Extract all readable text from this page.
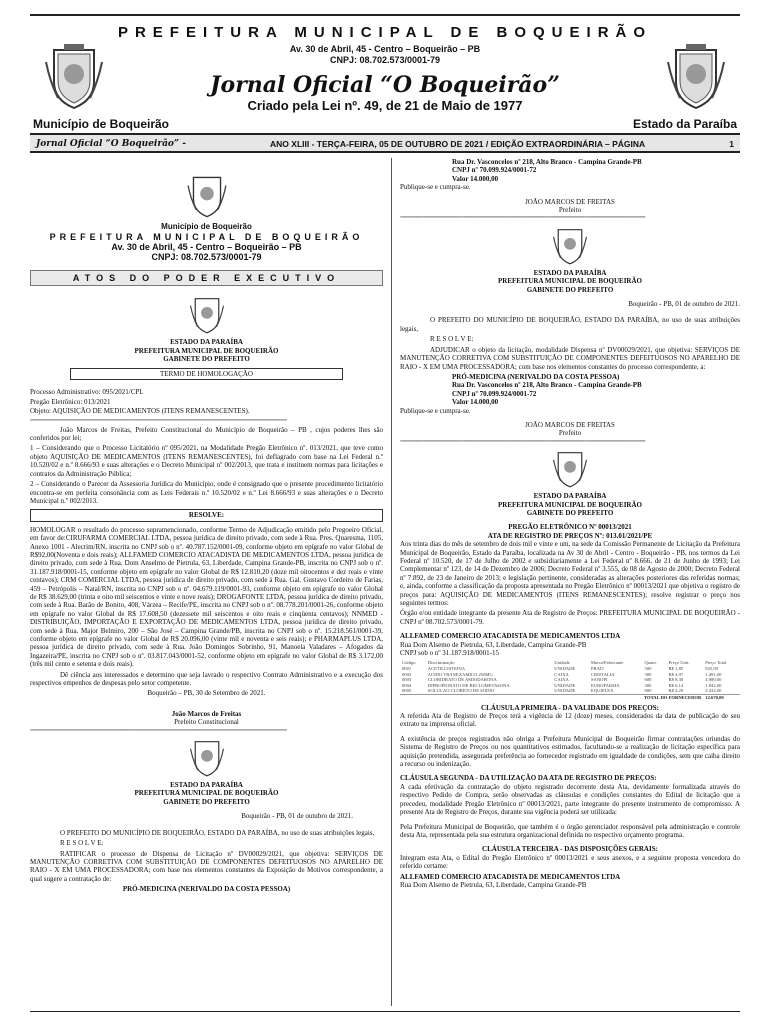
PREFEITURA MUNICIPAL DE BOQUEIRÃO
Av. 30 de Abril, 45 - Centro – Boqueirão – PB
CNPJ: 08.702.573/0001-79
Jornal Oficial “O Boqueirão”
Criado pela Lei nº. 49, de 21 de Maio de 1977
Município de Boqueirão	Estado da Paraíba
Jornal Oficial “O Boqueirão” -	ANO XLIII - TERÇA-FEIRA, 05 DE OUTUBRO DE 2021 / EDIÇÃO EXTRAORDINÁRIA – PÁGINA	1
Município de Boqueirão
PREFEITURA MUNICIPAL DE BOQUEIRÃO
Av. 30 de Abril, 45 - Centro – Boqueirão – PB
CNPJ: 08.702.573/0001-79
ATOS DO PODER EXECUTIVO
ESTADO DA PARAÍBA
PREFEITURA MUNICIPAL DE BOQUEIRÃO
GABINETE DO PREFEITO
TERMO DE HOMOLOGAÇÃO

Processo Administrativo: 095/2021/CPL

Pregão Eletrônico: 013/2021

Objeto: AQUISIÇÃO DE MEDICAMENTOS (ITENS REMANESCENTES).

=========================================================================================

João Marcos de Freitas, Prefeito Constitucional do Município de Boqueirão – PB , cujos poderes lhes são conferidos por lei;

1 – Considerando que o Processo Licitatório nº 095/2021, na Modalidade Pregão Eletrônico nº. 013/2021, que teve como objeto AQUISIÇÃO DE MEDICAMENTOS (ITENS REMANESCENTES), foi deflagrado com base na Lei Federal n.º 10.520/02 e n.º 8.666/93 e suas alterações e o Decreto Municipal nº 002/2013, que trata e instituem normas para licitações e contratos da Administração Pública;

2 – Considerando o Parecer da Assessoria Jurídica do Município, onde é consignado que o presente procedimento licitatório encontra-se em perfeita consonância com as Leis Federais n.º 10.520/02 e n.º Lei 8.666/93 e suas alterações e o Decreto Municipal n.º 002/2013.

RESOLVE:

HOMOLOGAR o resultado do processo supramencionado, conforme Termo de Adjudicação emitido pelo Pregoeiro Oficial, em favor de:CIRUFARMA COMERCIAL LTDA, pessoa jurídica de direito privado, com sede à Rua. Pres. Quaresma, 1105, Anexo 1001 - Alecrim/RN, inscrita no CNPJ sob o nº. 40.787.152/0001-09, conforme objeto em epígrafe no valor Global de R$92,00(Noventa e dois reais); ALLFAMED COMERCIO ATACADISTA DE MEDICAMENTOS LTDA, pessoa jurídica de direito privado, com sede à Rua. Dom Anselmo de Pietrula, 63, Liberdade, Campina Grande-PB, inscrita no CNPJ sob o nº. 31.187.918/0001-15, conforme objeto em epígrafe no valor Global de R$ 12.810,20 (doze mil oitocentos e dez reais e vinte centavos); CRM COMERCIAL LTDA, pessoa jurídica de direito privado, com sede à Rua. Gal. Gustavo Cordeiro de Farias, 459 – Petrópolis – Natal/RN, inscrita no CNPJ sob o nº. 04.679.119/0001-93, conforme objeto em epígrafe no valor Global de R$ 38.629,00 (trinta e oito mil seiscentos e vinte e nove reais); DROGAFONTE LTDA, pessoa jurídica de direito privado, com sede à Rua. Barão de Bonito, 408, Várzea – Recife/PE, inscrita no CNPJ sob o nº. 08.778.201/0001-26, conforme objeto em epígrafe no valor Global de R$ 17.608,50 (dezessete mil seiscentos e oito reais e cinqüenta centavos); NNMED - DISTRIBUIÇÃO, IMPORTAÇÃO E EXPORTAÇÃO DE MEDICAMENTOS LTDA, pessoa jurídica de direito privado, com sede à Rua. Major Belmiro, 200 – São José – Campina Grande/PB, inscrita no CNPJ sob o nº. 15.218.561/0001-39, conforme objeto em epígrafe no valor Global de R$ 20.096,00 (vinte mil e noventa e seis reais); e PHARMAPLUS LTDA, pessoa jurídica de direito privado, com sede à Rua. João Domingos Sobrinho, 91, Manoela Valadares – Afogados da Ingazeira/PE, inscrita no CNPJ sob o nº. 03.817.043/0001-52, conforme objeto em epígrafe no valor Global de R$ 3.172,00 (três mil cento e setenta e dois reais).

Dê ciência aos interessados e determino que seja lavrado o respectivo Contrato Administrativo e a execução dos respectivos empenhos de despesas pelo setor competente.

Boqueirão – PB, 30 de Setembro de 2021.

João Marcos de Freitas
Prefeito Constitucional
=========================================================================================
ESTADO DA PARAÍBA
PREFEITURA MUNICIPAL DE BOQUEIRÃO
GABINETE DO PREFEITO

Boqueirão - PB, 01 de outubro de 2021.

O PREFEITO DO MUNICÍPIO DE BOQUEIRÃO, ESTADO DA PARAÍBA, no uso de suas atribuições legais,

R E S O L V E:

RATIFICAR o processo de Dispensa de Licitação nº DV00029/2021, que objetiva: SERVIÇOS DE MANUTENÇÃO CORRETIVA COM SUBSTITUIÇÃO DE COMPONENTES DEFEITUOSOS NO APARELHO DE RAIO - X EM UMA PROCESSADORA; com base nos elementos constantes da Exposição de Motivos correspondente, a qual sugere a contratação de:

PRÓ-MEDICINA (NERIVALDO DA COSTA PESSOA)

Rua Dr. Vasconcelos nº 218, Alto Branco - Campina Grande-PB
CNPJ nº 70.099.924/0001-72
Valor 14.000,00

Publique-se e cumpra-se.

JOÃO MARCOS DE FREITAS
Prefeito
=====================================================================================
ESTADO DA PARAÍBA
PREFEITURA MUNICIPAL DE BOQUEIRÃO
GABINETE DO PREFEITO

Boqueirão - PB, 01 de outubro de 2021.

O PREFEITO DO MUNICÍPIO DE BOQUEIRÃO, ESTADO DA PARAÍBA, no uso de suas atribuições legais,

R E S O L V E:

ADJUDICAR o objeto da licitação, modalidade Dispensa nº DV00029/2021, que objetiva: SERVIÇOS DE MANUTENÇÃO CORRETIVA COM SUBSTITUIÇÃO DE COMPONENTES DEFEITUOSOS NO APARELHO DE RAIO - X EM UMA PROCESSADORA; com base nos elementos constantes do processo correspondente, a:

PRÓ-MEDICINA (NERIVALDO DA COSTA PESSOA)
Rua Dr. Vasconcelos nº 218, Alto Branco - Campina Grande-PB
CNPJ nº 70.099.924/0001-72
Valor 14.000,00

Publique-se e cumpra-se.

JOÃO MARCOS DE FREITAS
Prefeito
=====================================================================================
ESTADO DA PARAÍBA
PREFEITURA MUNICIPAL DE BOQUEIRÃO
GABINETE DO PREFEITO
PREGÃO ELETRÔNICO Nº 00013/2021
ATA DE REGISTRO DE PREÇOS Nº: 013.01/2021/PE

Aos trinta dias do mês de setembro de dois mil e vinte e um, na sede da Comissão Permanente de Licitação da Prefeitura Municipal de Boqueirão, Estado da Paraíba, localizada na Av 30 de Abril - Centro - Boqueirão - PB, nos termos da Lei Federal nº 10.520, de 17 de Julho de 2002 e subsidiariamente a Lei Federal nº 8.666, de 21 de Junho de 1993; Lei Complementar nº 123, de 14 de Dezembro de 2006; Decreto Federal nº 3.555, de 08 de Agosto de 2000; Decreto Federal nº 7.892, de 23 de Janeiro de 2013; e legislação pertinente, consideradas as alterações posteriores das referidas normas; e, ainda, conforme a classificação da proposta apresentada no Pregão Eletrônico nº 00013/2021 que objetiva o registro de preços para: AQUISIÇÃO DE MEDICAMENTOS (ITENS REMANESCENTES); resolve registrar o preço nos seguintes termos:

Órgão e/ou entidade integrante da presente Ata de Registro de Preços: PREFEITURA MUNICIPAL DE BOQUEIRÃO - CNPJ nº 08.702.573/0001-79.

ALLFAMED COMERCIO ATACADISTA DE MEDICAMENTOS LTDA
Rua Dom Alsemo de Pietrula, 63, Liberdade, Campina Grande-PB
CNPJ sob o nº 31.187.918/0001-15
Código	Discriminação	Unidade	Marca/Fabricante	Quant.	Preço Unit.	Preço Total
0001	ACETILCISTEINA	UNIDADE	PRATI	500	R$ 1,85	925,00
0002	ACIDO TRANEXAMICO 250MG	CAIXA	CRISTALIA	300	R$ 4,97	1.491,00
0003	CLORIDRATO DE AMIODARONA	CAIXA	SANOFI	600	R$ 8,30	4.980,00
0004	DIPROPIONATO DE BECLOMETASONA	UNIDADE	EUROFARMA	300	R$ 6,14	1.842,00
0005	SOLUCAO CLORETO DE SODIO	UNIDADE	EQUIPLEX	800	R$ 4,29	3.432,00
TOTAL DO FORNECEDOR						12.670,00
CLÁUSULA PRIMEIRA - DA VALIDADE DOS PREÇOS:

A referida Ata de Registro de Preços terá a vigência de 12 (doze) meses, considerados da data de publicação de seu extrato na imprensa oficial.

A existência de preços registrados não obriga a Prefeitura Municipal de Boqueirão firmar contratações oriundas do Sistema de Registro de Preços ou nos quantitativos estimados, facultando-se a realização de licitação específica para aquisição pretendida, assegurada preferência ao fornecedor registrado em igualdade de condições, sem que caiba direito a recurso ou indenização.

CLÁUSULA SEGUNDA - DA UTILIZAÇÃO DA ATA DE REGISTRO DE PREÇOS:

A cada efetivação da contratação do objeto registrado decorrente desta Ata, devidamente formalizada através do respectivo Pedido de Compra, serão observadas as cláusulas e condições constantes do Edital de licitação que a precedeu, modalidade Pregão Eletrônico nº 00013/2021, parte integrante do presente instrumento de compromisso. A presente Ata de Registro de Preços, durante sua vigência poderá ser utilizada:

Pela Prefeitura Municipal de Boqueirão, que também é o órgão gerenciador responsável pela administração e controle desta Ata, representada pela sua estrutura organizacional definida no respectivo orçamento programa.

CLÁUSULA TERCEIRA - DAS DISPOSIÇÕES GERAIS:

Integram esta Ata, o Edital do Pregão Eletrônico nº 00013/2021 e seus anexos, e a seguinte proposta vencedora do referido certame:

ALLFAMED COMERCIO ATACADISTA DE MEDICAMENTOS LTDA
Rua Dom Alsemo de Pietrula, 63, Liberdade, Campina Grande-PB
